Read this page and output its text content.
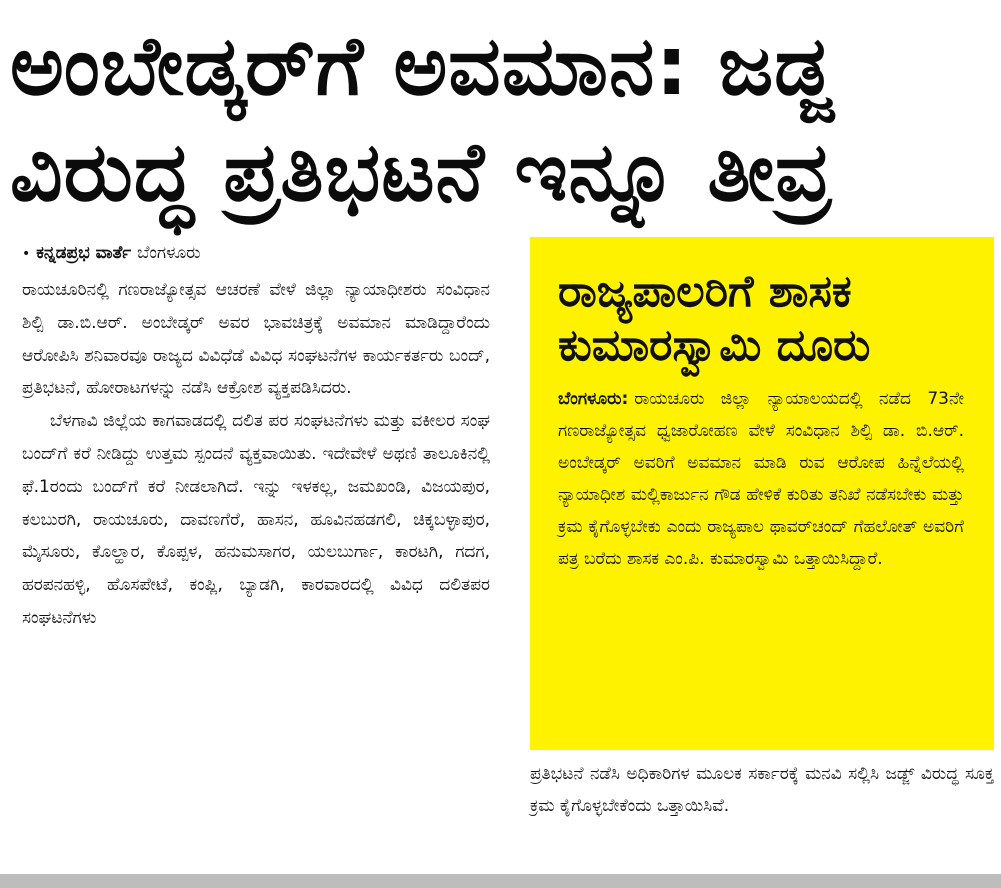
ಅಂಬೇಡ್ಕರ್‌ಗೆ ಅವಮಾನ: ಜಡ್ಜ
ವಿರುದ್ಧ ಪ್ರತಿಭಟನೆ ಇನ್ನೂ ತೀವ್ರ
• ಕನ್ನಡಪ್ರಭ ವಾರ್ತೆ ಬೆಂಗಳೂರು

ರಾಯಚೂರಿನಲ್ಲಿ ಗಣರಾಜ್ಯೋತ್ಸವ ಆಚರಣೆ ವೇಳೆ ಜಿಲ್ಲಾ ನ್ಯಾಯಾಧೀಶರು ಸಂವಿಧಾನ ಶಿಲ್ಪಿ ಡಾ.ಬಿ.ಆರ್. ಅಂಬೇಡ್ಕರ್ ಅವರ ಭಾವಚಿತ್ರಕ್ಕೆ ಅವಮಾನ ಮಾಡಿದ್ದಾರೆಂದು ಆರೋಪಿಸಿ ಶನಿವಾರವೂ ರಾಜ್ಯದ ವಿವಿಧೆಡೆ ವಿವಿಧ ಸಂಘಟನೆಗಳ ಕಾರ್ಯಕರ್ತರು ಬಂದ್, ಪ್ರತಿಭಟನೆ, ಹೋರಾಟಗಳನ್ನು ನಡೆಸಿ ಆಕ್ರೋಶ ವ್ಯಕ್ತಪಡಿಸಿದರು.

ಬೆಳಗಾವಿ ಜಿಲ್ಲೆಯ ಕಾಗವಾಡದಲ್ಲಿ ದಲಿತ ಪರ ಸಂಘಟನೆಗಳು ಮತ್ತು ವಕೀಲರ ಸಂಘ ಬಂದ್‌ಗೆ ಕರೆ ನೀಡಿದ್ದು ಉತ್ತಮ ಸ್ಪಂದನೆ ವ್ಯಕ್ತವಾಯಿತು. ಇದೇವೇಳೆ ಅಥಣಿ ತಾಲೂಕಿನಲ್ಲಿ ಫೆ.1ರಂದು ಬಂದ್‌ಗೆ ಕರೆ ನೀಡಲಾಗಿದೆ. ಇನ್ನು ಇಳಕಲ್ಲ, ಜಮಖಂಡಿ, ವಿಜಯಪುರ, ಕಲಬುರಗಿ, ರಾಯಚೂರು, ದಾವಣಗೆರೆ, ಹಾಸನ, ಹೂವಿನಹಡಗಲಿ, ಚಿಕ್ಕಬಳ್ಳಾಪುರ, ಮೈಸೂರು, ಕೊಲ್ಹಾರ, ಕೊಪ್ಪಳ, ಹನುಮಸಾಗರ, ಯಲಬುರ್ಗಾ, ಕಾರಟಗಿ, ಗದಗ, ಹರಪನಹಳ್ಳಿ, ಹೊಸಪೇಟೆ, ಕಂಪ್ಲಿ, ಬ್ಯಾಡಗಿ, ಕಾರವಾರದಲ್ಲಿ ವಿವಿಧ ದಲಿತಪರ ಸಂಘಟನೆಗಳು

ರಾಜ್ಯಪಾಲರಿಗೆ ಶಾಸಕ
ಕುಮಾರಸ್ವಾಮಿ ದೂರು

ಬೆಂಗಳೂರು: ರಾಯಚೂರು ಜಿಲ್ಲಾ ನ್ಯಾಯಾಲಯದಲ್ಲಿ ನಡೆದ 73ನೇ ಗಣರಾಜ್ಯೋತ್ಸವ ಧ್ವಜಾರೋಹಣ ವೇಳೆ ಸಂವಿಧಾನ ಶಿಲ್ಪಿ ಡಾ. ಬಿ.ಆರ್. ಅಂಬೇಡ್ಕರ್ ಅವರಿಗೆ ಅವಮಾನ ಮಾಡಿ ರುವ ಆರೋಪ ಹಿನ್ನೆಲೆಯಲ್ಲಿ ನ್ಯಾಯಾಧೀಶ ಮಲ್ಲಿಕಾರ್ಜುನ ಗೌಡ ಹೇಳಿಕೆ ಕುರಿತು ತನಿಖೆ ನಡೆಸಬೇಕು ಮತ್ತು ಕ್ರಮ ಕೈಗೊಳ್ಳಬೇಕು ಎಂದು ರಾಜ್ಯಪಾಲ ಥಾವರ್‌ಚಂದ್ ಗೆಹಲೋತ್ ಅವರಿಗೆ ಪತ್ರ ಬರೆದು ಶಾಸಕ ಎಂ.ಪಿ. ಕುಮಾರಸ್ವಾಮಿ ಒತ್ತಾಯಿಸಿದ್ದಾರೆ.

ಪ್ರತಿಭಟನೆ ನಡೆಸಿ ಅಧಿಕಾರಿಗಳ ಮೂಲಕ ಸರ್ಕಾರಕ್ಕೆ ಮನವಿ ಸಲ್ಲಿಸಿ ಜಡ್ಜ್ ವಿರುದ್ಧ ಸೂಕ್ತ ಕ್ರಮ ಕೈಗೊಳ್ಳಬೇಕೆಂದು ಒತ್ತಾಯಿಸಿವೆ.
